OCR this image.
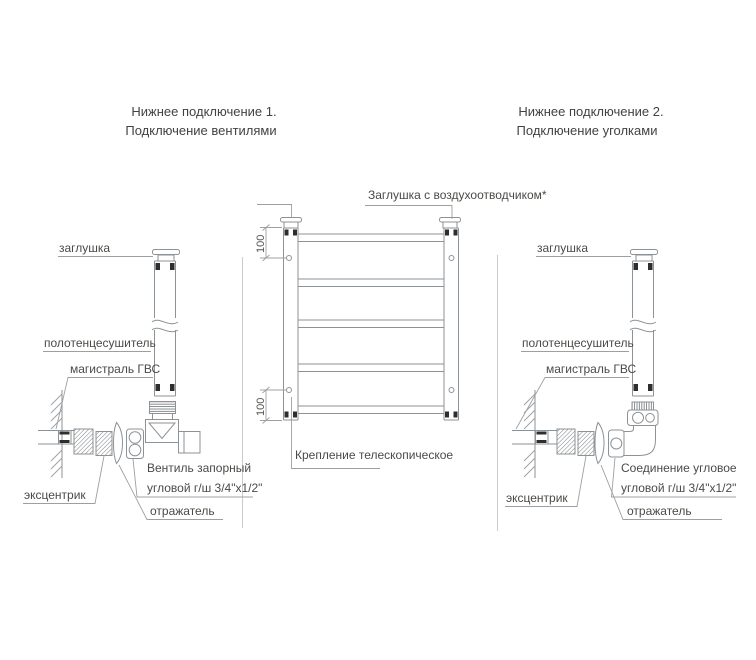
Нижнее подключение 1.
Подключение вентилями
заглушка
полотенцесушитель
магистраль ГВС
эксцентрик
Вентиль запорный
угловой г/ш 3/4"x1/2"
отражатель
100
100
Заглушка с воздухоотводчиком*
Крепление телескопическое
Нижнее подключение 2.
Подключение уголками
заглушка
полотенцесушитель
магистраль ГВС
эксцентрик
Соединение угловое
угловой г/ш 3/4"x1/2"
отражатель
